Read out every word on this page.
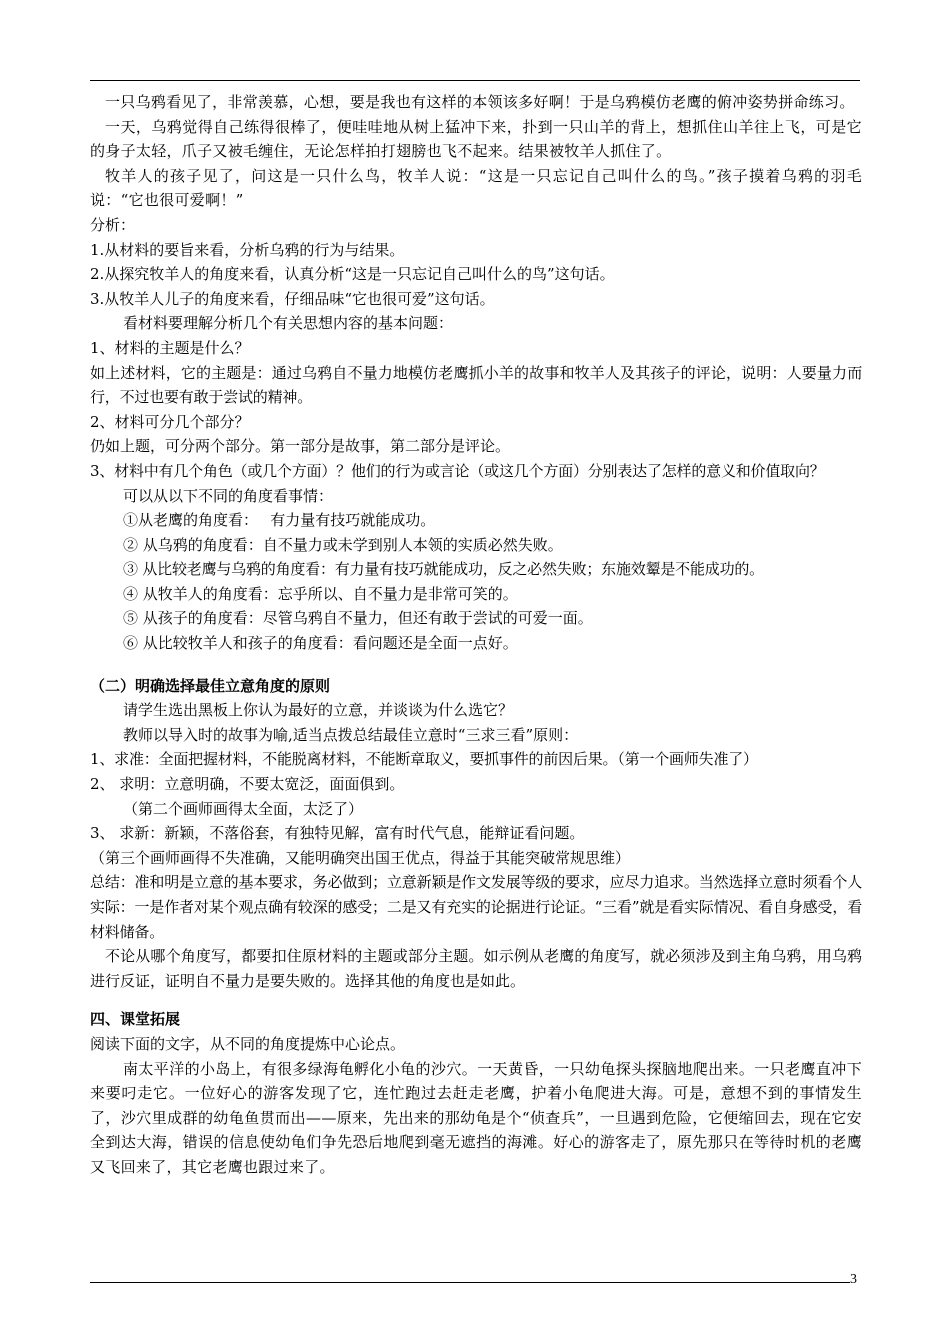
一只乌鸦看见了，非常羡慕，心想，要是我也有这样的本领该多好啊！于是乌鸦模仿老鹰的俯冲姿势拼命练习。

一天，乌鸦觉得自己练得很棒了，便哇哇地从树上猛冲下来，扑到一只山羊的背上，想抓住山羊往上飞，可是它的身子太轻，爪子又被毛缠住，无论怎样拍打翅膀也飞不起来。结果被牧羊人抓住了。

牧羊人的孩子见了，问这是一只什么鸟，牧羊人说：“这是一只忘记自己叫什么的鸟。”孩子摸着乌鸦的羽毛说：“它也很可爱啊！”

分析：

1.从材料的要旨来看，分析乌鸦的行为与结果。

2.从探究牧羊人的角度来看，认真分析“这是一只忘记自己叫什么的鸟”这句话。

3.从牧羊人儿子的角度来看，仔细品味“它也很可爱”这句话。

看材料要理解分析几个有关思想内容的基本问题：

1、材料的主题是什么？

如上述材料，它的主题是：通过乌鸦自不量力地模仿老鹰抓小羊的故事和牧羊人及其孩子的评论，说明：人要量力而行，不过也要有敢于尝试的精神。

2、材料可分几个部分？

仍如上题，可分两个部分。第一部分是故事，第二部分是评论。

3、材料中有几个角色（或几个方面）？他们的行为或言论（或这几个方面）分别表达了怎样的意义和价值取向？

可以从以下不同的角度看事情：

①从老鹰的角度看：　 有力量有技巧就能成功。

② 从乌鸦的角度看：自不量力或未学到别人本领的实质必然失败。

③ 从比较老鹰与乌鸦的角度看：有力量有技巧就能成功，反之必然失败；东施效颦是不能成功的。

④ 从牧羊人的角度看：忘乎所以、自不量力是非常可笑的。

⑤ 从孩子的角度看：尽管乌鸦自不量力，但还有敢于尝试的可爱一面。

⑥ 从比较牧羊人和孩子的角度看：看问题还是全面一点好。

（二）明确选择最佳立意角度的原则

请学生选出黑板上你认为最好的立意，并谈谈为什么选它？

教师以导入时的故事为喻,适当点拨总结最佳立意时“三求三看”原则：

1、求准：全面把握材料，不能脱离材料，不能断章取义，要抓事件的前因后果。（第一个画师失准了）

2、 求明：立意明确，不要太宽泛，面面俱到。

（第二个画师画得太全面，太泛了）

3、 求新：新颖，不落俗套，有独特见解，富有时代气息，能辩证看问题。

（第三个画师画得不失准确，又能明确突出国王优点，得益于其能突破常规思维）

总结：准和明是立意的基本要求，务必做到；立意新颖是作文发展等级的要求，应尽力追求。当然选择立意时须看个人实际：一是作者对某个观点确有较深的感受；二是又有充实的论据进行论证。“三看”就是看实际情况、看自身感受，看材料储备。

不论从哪个角度写，都要扣住原材料的主题或部分主题。如示例从老鹰的角度写，就必须涉及到主角乌鸦，用乌鸦进行反证，证明自不量力是要失败的。选择其他的角度也是如此。

四、课堂拓展

阅读下面的文字，从不同的角度提炼中心论点。

南太平洋的小岛上，有很多绿海龟孵化小龟的沙穴。一天黄昏，一只幼龟探头探脑地爬出来。一只老鹰直冲下来要叼走它。一位好心的游客发现了它，连忙跑过去赶走老鹰，护着小龟爬进大海。可是，意想不到的事情发生了，沙穴里成群的幼龟鱼贯而出——原来，先出来的那幼龟是个“侦查兵”，一旦遇到危险，它便缩回去，现在它安全到达大海，错误的信息使幼龟们争先恐后地爬到毫无遮挡的海滩。好心的游客走了，原先那只在等待时机的老鹰又飞回来了，其它老鹰也跟过来了。

3
